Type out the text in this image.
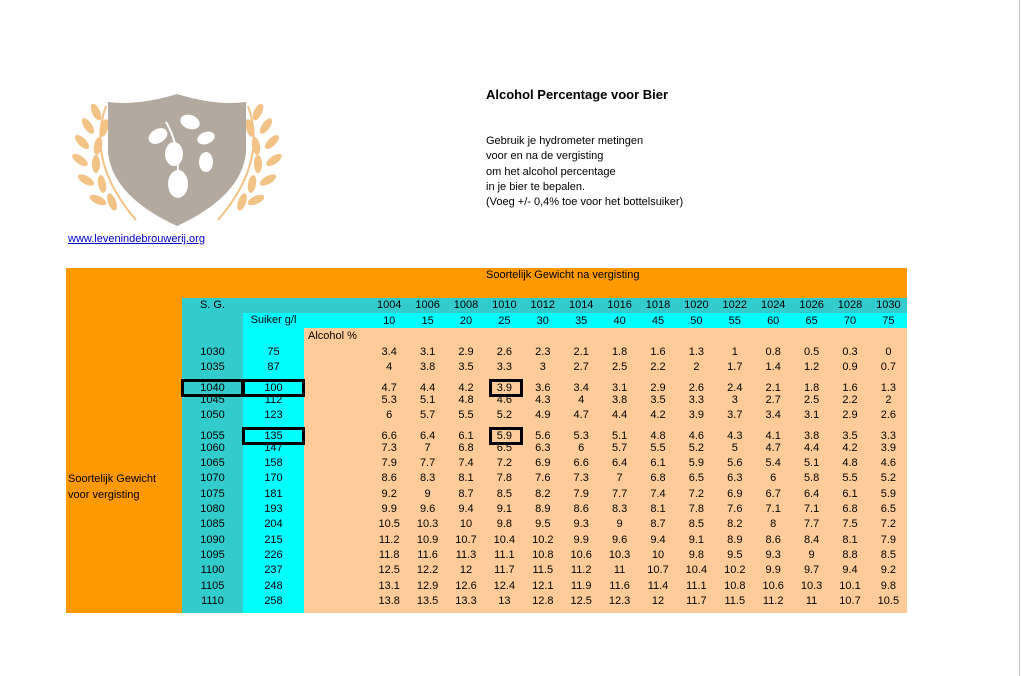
www.levenindebrouwerij.org
Alcohol Percentage voor Bier
Gebruik je hydrometer metingen
voor en na de vergisting
om het alcohol percentage
in je bier te bepalen.
(Voeg +/- 0,4% toe voor het bottelsuiker)
Soortelijk Gewicht na vergisting
S. G.
Suiker g/l
Alcohol %
Soortelijk Gewicht
voor vergisting
1004	1006	1008	1010	1012	1014	1016	1018	1020	1022	1024	1026	1028	1030
10	15	20	25	30	35	40	45	50	55	60	65	70	75
1030	75	3.4	3.1	2.9	2.6	2.3	2.1	1.8	1.6	1.3	1	0.8	0.5	0.3	0
1035	87	4	3.8	3.5	3.3	3	2.7	2.5	2.2	2	1.7	1.4	1.2	0.9	0.7
1040	100	4.7	4.4	4.2	3.9	3.6	3.4	3.1	2.9	2.6	2.4	2.1	1.8	1.6	1.3
1045	112	5.3	5.1	4.8	4.6	4.3	4	3.8	3.5	3.3	3	2.7	2.5	2.2	2
1050	123	6	5.7	5.5	5.2	4.9	4.7	4.4	4.2	3.9	3.7	3.4	3.1	2.9	2.6
1055	135	6.6	6.4	6.1	5.9	5.6	5.3	5.1	4.8	4.6	4.3	4.1	3.8	3.5	3.3
1060	147	7.3	7	6.8	6.5	6.3	6	5.7	5.5	5.2	5	4.7	4.4	4.2	3.9
1065	158	7.9	7.7	7.4	7.2	6.9	6.6	6.4	6.1	5.9	5.6	5.4	5.1	4.8	4.6
1070	170	8.6	8.3	8.1	7.8	7.6	7.3	7	6.8	6.5	6.3	6	5.8	5.5	5.2
1075	181	9.2	9	8.7	8.5	8.2	7.9	7.7	7.4	7.2	6.9	6.7	6.4	6.1	5.9
1080	193	9.9	9.6	9.4	9.1	8.9	8.6	8.3	8.1	7.8	7.6	7.1	7.1	6.8	6.5
1085	204	10.5	10.3	10	9.8	9.5	9.3	9	8.7	8.5	8.2	8	7.7	7.5	7.2
1090	215	11.2	10.9	10.7	10.4	10.2	9.9	9.6	9.4	9.1	8.9	8.6	8.4	8.1	7.9
1095	226	11.8	11.6	11.3	11.1	10.8	10.6	10.3	10	9.8	9.5	9.3	9	8.8	8.5
1100	237	12.5	12.2	12	11.7	11.5	11.2	11	10.7	10.4	10.2	9.9	9.7	9.4	9.2
1105	248	13.1	12.9	12.6	12.4	12.1	11.9	11.6	11.4	11.1	10.8	10.6	10.3	10.1	9.8
1110	258	13.8	13.5	13.3	13	12.8	12.5	12.3	12	11.7	11.5	11.2	11	10.7	10.5
